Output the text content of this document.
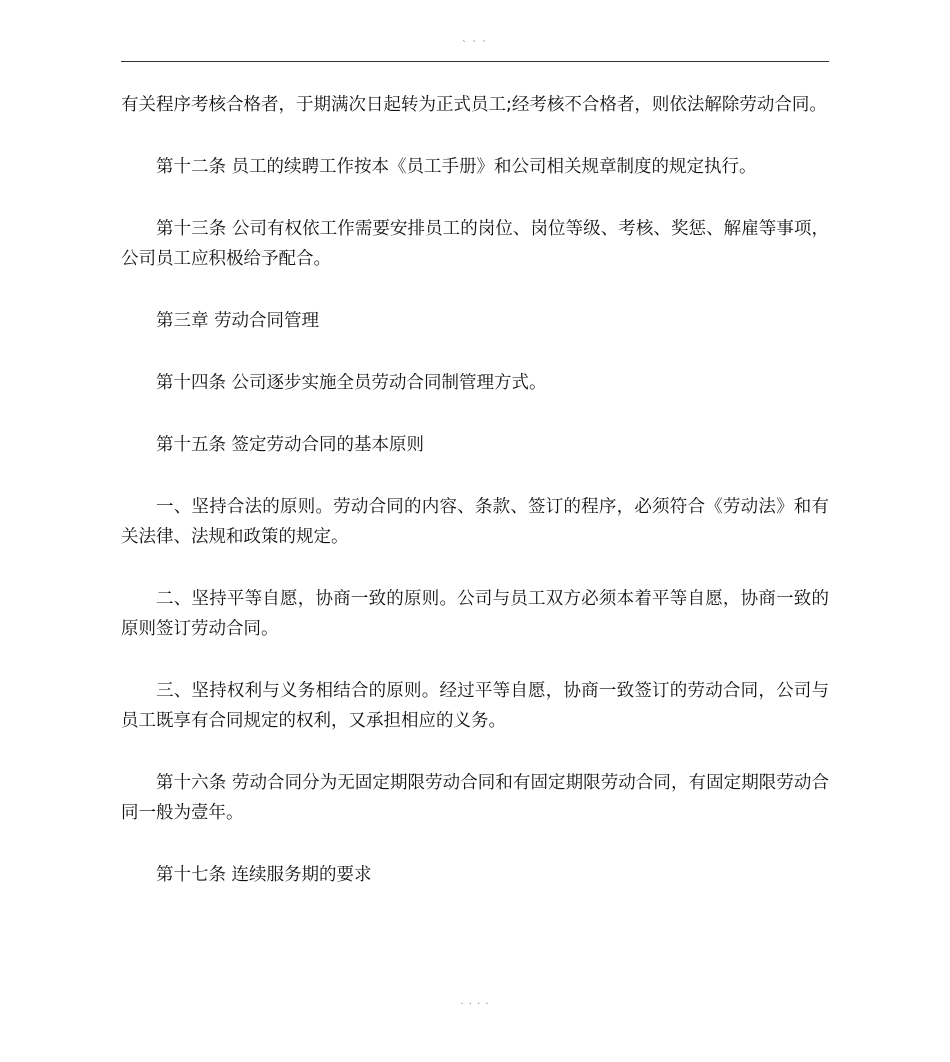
` ` `

有关程序考核合格者，于期满次日起转为正式员工;经考核不合格者，则依法解除劳动合同。

第十二条 员工的续聘工作按本《员工手册》和公司相关规章制度的规定执行。

第十三条 公司有权依工作需要安排员工的岗位、岗位等级、考核、奖惩、解雇等事项，公司员工应积极给予配合。

第三章 劳动合同管理

第十四条 公司逐步实施全员劳动合同制管理方式。

第十五条 签定劳动合同的基本原则

一、坚持合法的原则。劳动合同的内容、条款、签订的程序，必须符合《劳动法》和有关法律、法规和政策的规定。

二、坚持平等自愿，协商一致的原则。公司与员工双方必须本着平等自愿，协商一致的原则签订劳动合同。

三、坚持权利与义务相结合的原则。经过平等自愿，协商一致签订的劳动合同，公司与员工既享有合同规定的权利，又承担相应的义务。

第十六条 劳动合同分为无固定期限劳动合同和有固定期限劳动合同，有固定期限劳动合同一般为壹年。

第十七条 连续服务期的要求

. . . .
